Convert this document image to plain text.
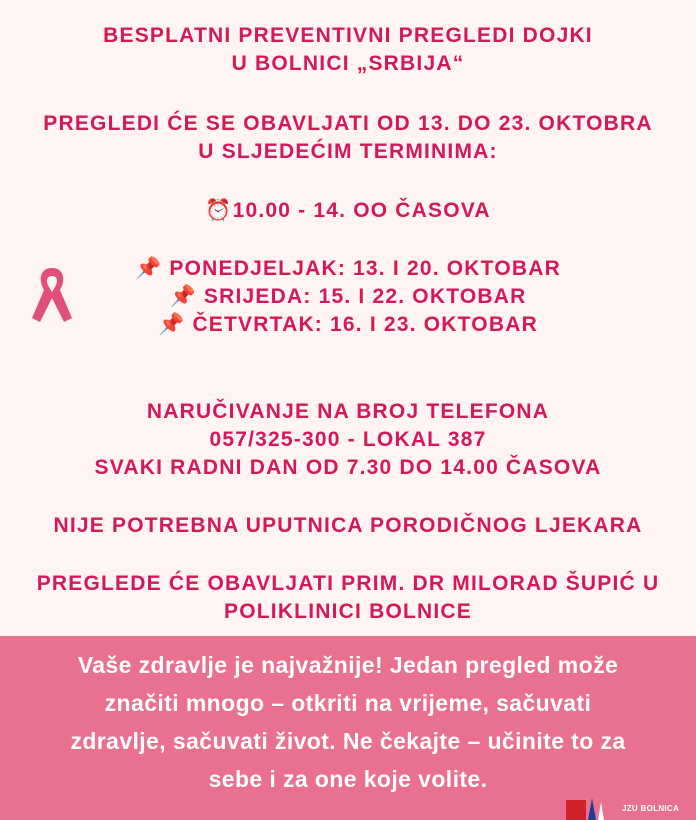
BESPLATNI PREVENTIVNI PREGLEDI DOJKI
U BOLNICI „SRBIJA“
PREGLEDI ĆE SE OBAVLJATI OD 13. DO 23. OKTOBRA
U SLJEDEĆIM TERMINIMA:
⏰10.00 - 14. OO ČASOVA
📌 PONEDJELJAK: 13. I 20. OKTOBAR
📌 SRIJEDA: 15. I 22. OKTOBAR
📌 ČETVRTAK: 16. I 23. OKTOBAR
NARUČIVANJE NA BROJ TELEFONA
057/325-300 - LOKAL 387
SVAKI RADNI DAN OD 7.30 DO 14.00 ČASOVA
NIJE POTREBNA UPUTNICA PORODIČNOG LJEKARA
PREGLEDE ĆE OBAVLJATI PRIM. DR MILORAD ŠUPIĆ U
POLIKLINICI BOLNICE
Vaše zdravlje je najvažnije! Jedan pregled može
značiti mnogo – otkriti na vrijeme, sačuvati
zdravlje, sačuvati život. Ne čekajte – učinite to za
sebe i za one koje volite.
JZU BOLNICA
